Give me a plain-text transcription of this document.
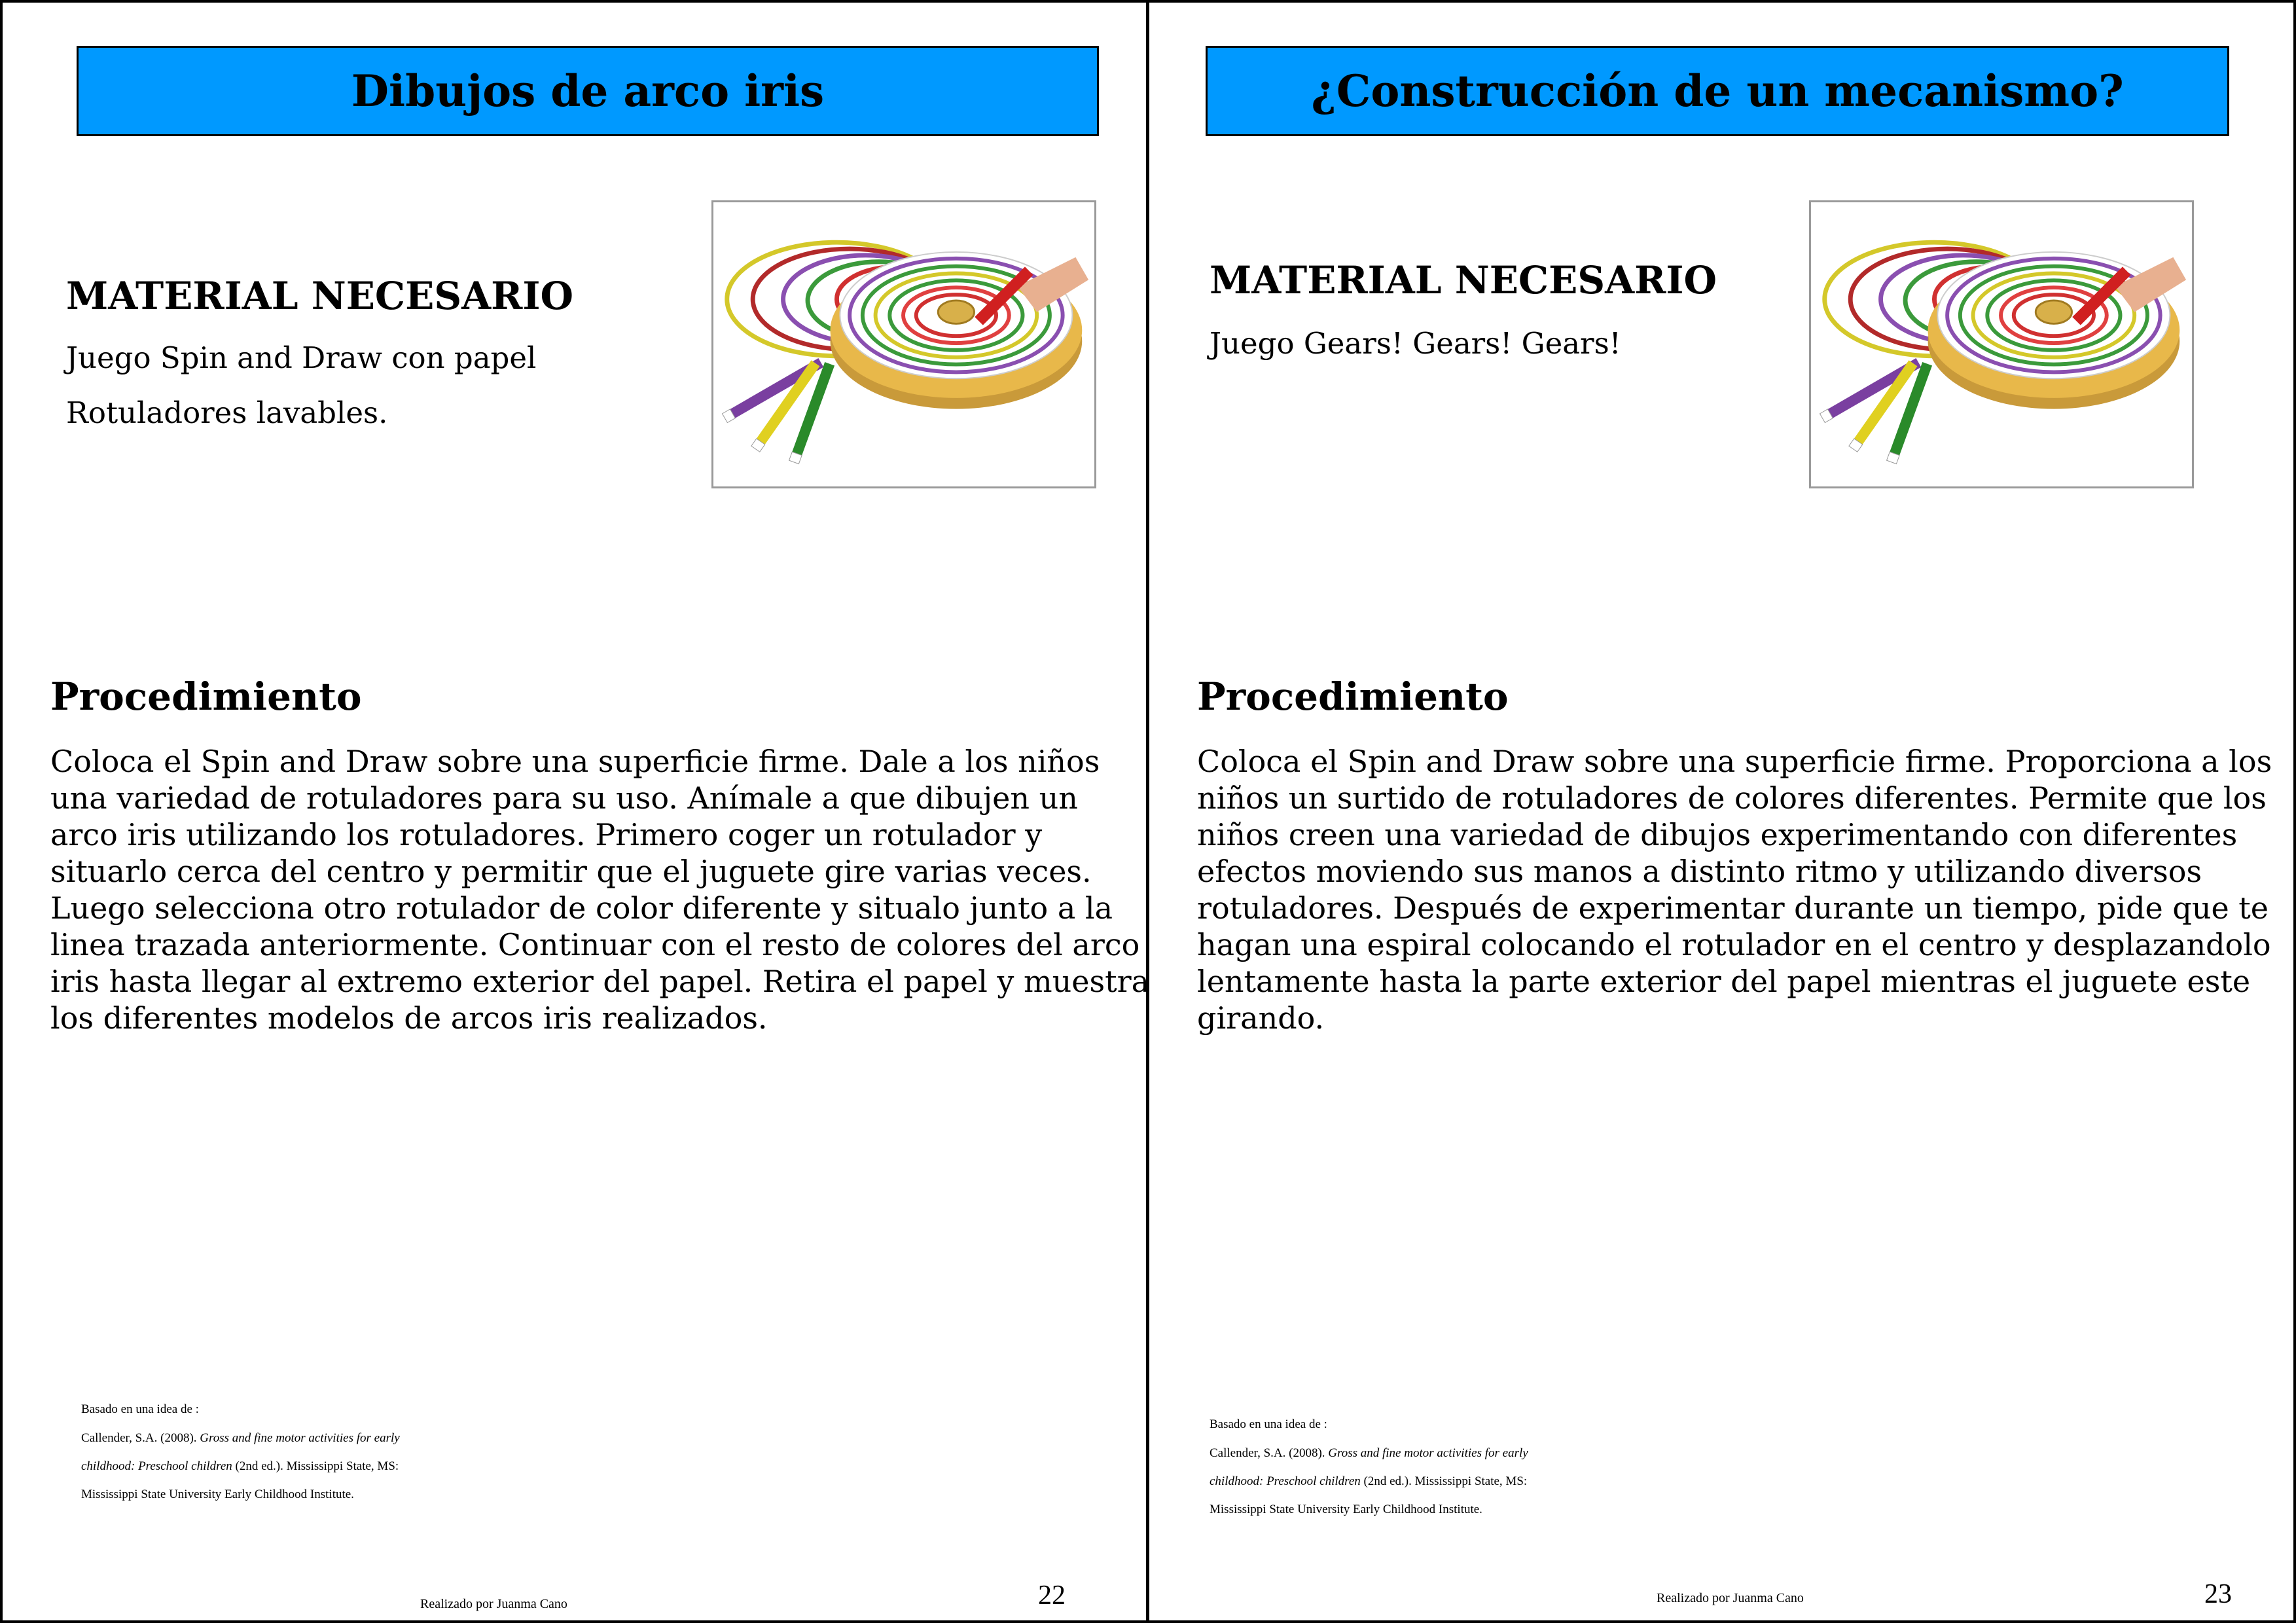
Dibujos de arco iris
MATERIAL NECESARIO
Juego Spin and Draw con papel
Rotuladores lavables.
Procedimiento
Coloca el Spin and Draw sobre una superficie firme. Dale a los niños
una variedad de rotuladores para su uso. Anímale a que dibujen un
arco iris utilizando los rotuladores. Primero coger un rotulador y
situarlo cerca del centro y permitir que el juguete gire varias veces.
Luego selecciona otro rotulador de color diferente y situalo junto a la
linea trazada anteriormente. Continuar con el resto de colores del arco
iris hasta llegar al extremo exterior del papel. Retira el papel y muestra
los diferentes modelos de arcos iris realizados.
Basado en una idea de :
Callender, S.A. (2008). Gross and fine motor activities for early
childhood: Preschool children (2nd ed.). Mississippi State, MS:
Mississippi State University Early Childhood Institute.
Realizado por Juanma Cano	22
¿Construcción de un mecanismo?
MATERIAL NECESARIO
Juego Gears! Gears! Gears!
Procedimiento
Coloca el Spin and Draw sobre una superficie firme. Proporciona a los
niños un surtido de rotuladores de colores diferentes. Permite que los
niños creen una variedad de dibujos experimentando con diferentes
efectos moviendo sus manos a distinto ritmo y utilizando diversos
rotuladores. Después de experimentar durante un tiempo, pide que te
hagan una espiral colocando el rotulador en el centro y desplazandolo
lentamente hasta la parte exterior del papel mientras el juguete este
girando.
Basado en una idea de :
Callender, S.A. (2008). Gross and fine motor activities for early
childhood: Preschool children (2nd ed.). Mississippi State, MS:
Mississippi State University Early Childhood Institute.
Realizado por Juanma Cano	23
